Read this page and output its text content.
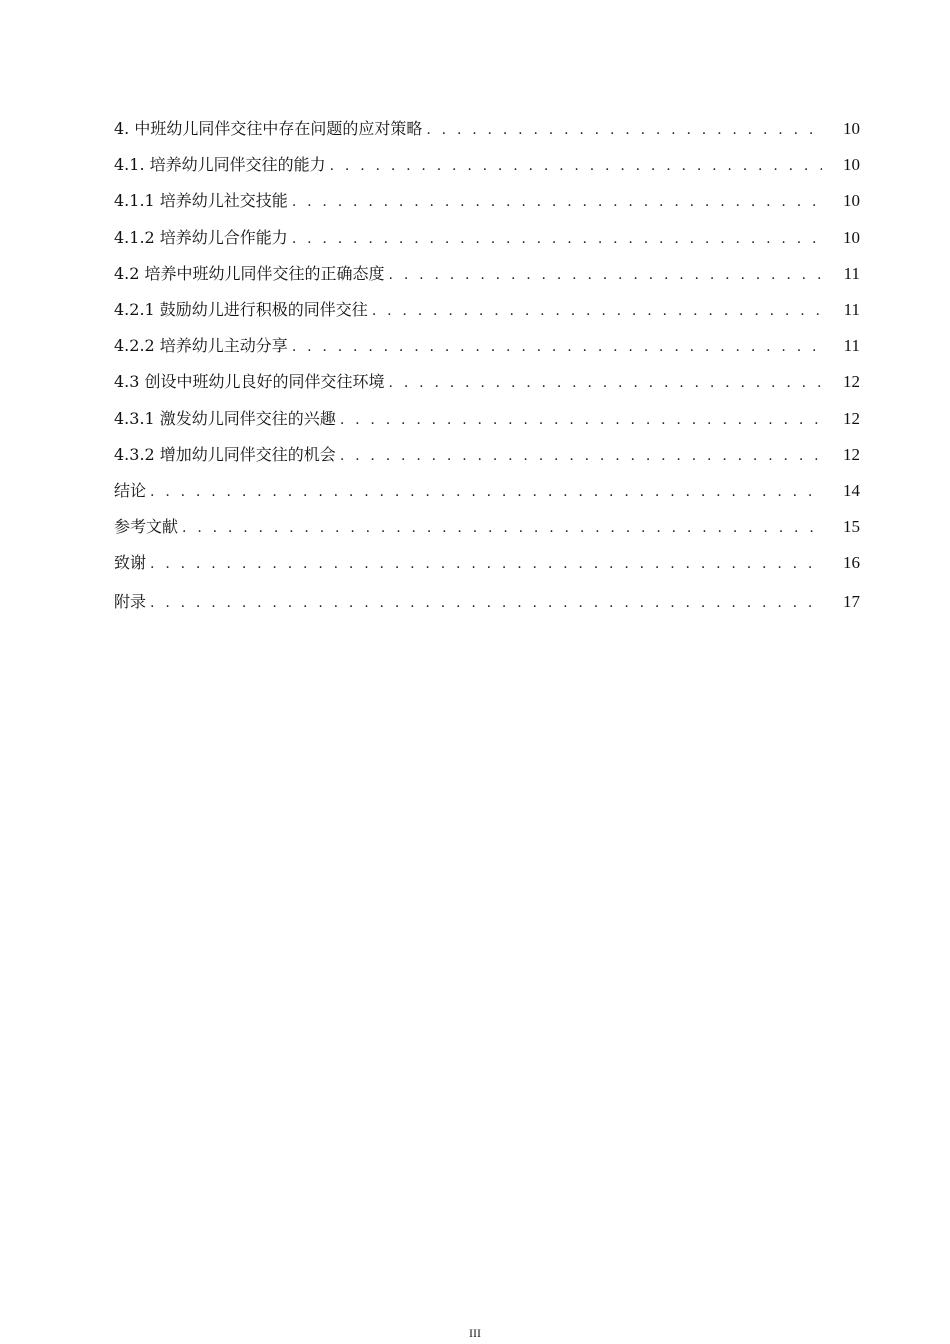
4. 中班幼儿同伴交往中存在问题的应对策略 . . .	10
4.1. 培养幼儿同伴交往的能力 . . .	10
4.1.1 培养幼儿社交技能 . . .	10
4.1.2 培养幼儿合作能力 . . .	10
4.2 培养中班幼儿同伴交往的正确态度 . . .	11
4.2.1 鼓励幼儿进行积极的同伴交往 . . .	11
4.2.2 培养幼儿主动分享 . . .	11
4.3 创设中班幼儿良好的同伴交往环境 . . .	12
4.3.1 激发幼儿同伴交往的兴趣 . . .	12
4.3.2 增加幼儿同伴交往的机会 . . .	12
结论 . . .	14
参考文献 . . .	15
致谢 . . .	16
附录 . . .	17
III
